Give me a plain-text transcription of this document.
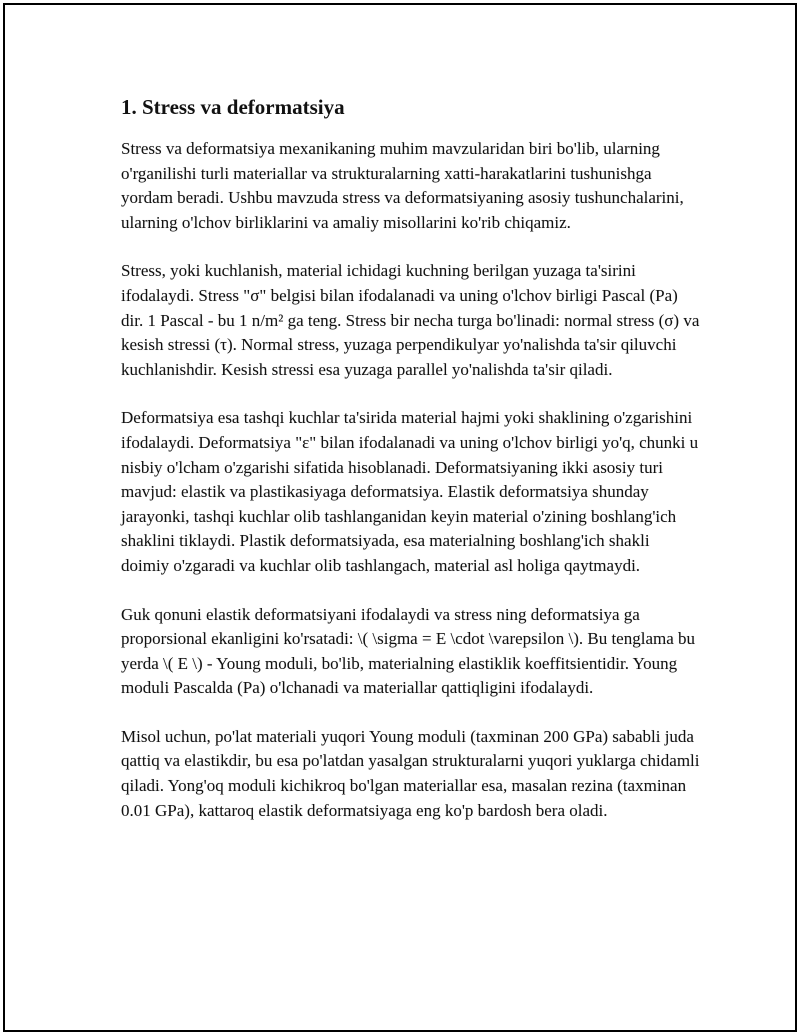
1. Stress va deformatsiya

Stress va deformatsiya mexanikaning muhim mavzularidan biri bo'lib, ularning o'rganilishi turli materiallar va strukturalarning xatti-harakatlarini tushunishga yordam beradi. Ushbu mavzuda stress va deformatsiyaning asosiy tushunchalarini, ularning o'lchov birliklarini va amaliy misollarini ko'rib chiqamiz.

Stress, yoki kuchlanish, material ichidagi kuchning berilgan yuzaga ta'sirini ifodalaydi. Stress "σ" belgisi bilan ifodalanadi va uning o'lchov birligi Pascal (Pa) dir. 1 Pascal - bu 1 n/m² ga teng. Stress bir necha turga bo'linadi: normal stress (σ) va kesish stressi (τ). Normal stress, yuzaga perpendikulyar yo'nalishda ta'sir qiluvchi kuchlanishdir. Kesish stressi esa yuzaga parallel yo'nalishda ta'sir qiladi.

Deformatsiya esa tashqi kuchlar ta'sirida material hajmi yoki shaklining o'zgarishini ifodalaydi. Deformatsiya "ε" bilan ifodalanadi va uning o'lchov birligi yo'q, chunki u nisbiy o'lcham o'zgarishi sifatida hisoblanadi. Deformatsiyaning ikki asosiy turi mavjud: elastik va plastikasiyaga deformatsiya. Elastik deformatsiya shunday jarayonki, tashqi kuchlar olib tashlanganidan keyin material o'zining boshlang'ich shaklini tiklaydi. Plastik deformatsiyada, esa materialning boshlang'ich shakli doimiy o'zgaradi va kuchlar olib tashlangach, material asl holiga qaytmaydi.

Guk qonuni elastik deformatsiyani ifodalaydi va stress ning deformatsiya ga proporsional ekanligini ko'rsatadi: \( \sigma = E \cdot \varepsilon \). Bu tenglama bu yerda \( E \) - Young moduli, bo'lib, materialning elastiklik koeffitsientidir. Young moduli Pascalda (Pa) o'lchanadi va materiallar qattiqligini ifodalaydi.

Misol uchun, po'lat materiali yuqori Young moduli (taxminan 200 GPa) sababli juda qattiq va elastikdir, bu esa po'latdan yasalgan strukturalarni yuqori yuklarga chidamli qiladi. Yong'oq moduli kichikroq bo'lgan materiallar esa, masalan rezina (taxminan 0.01 GPa), kattaroq elastik deformatsiyaga eng ko'p bardosh bera oladi.
